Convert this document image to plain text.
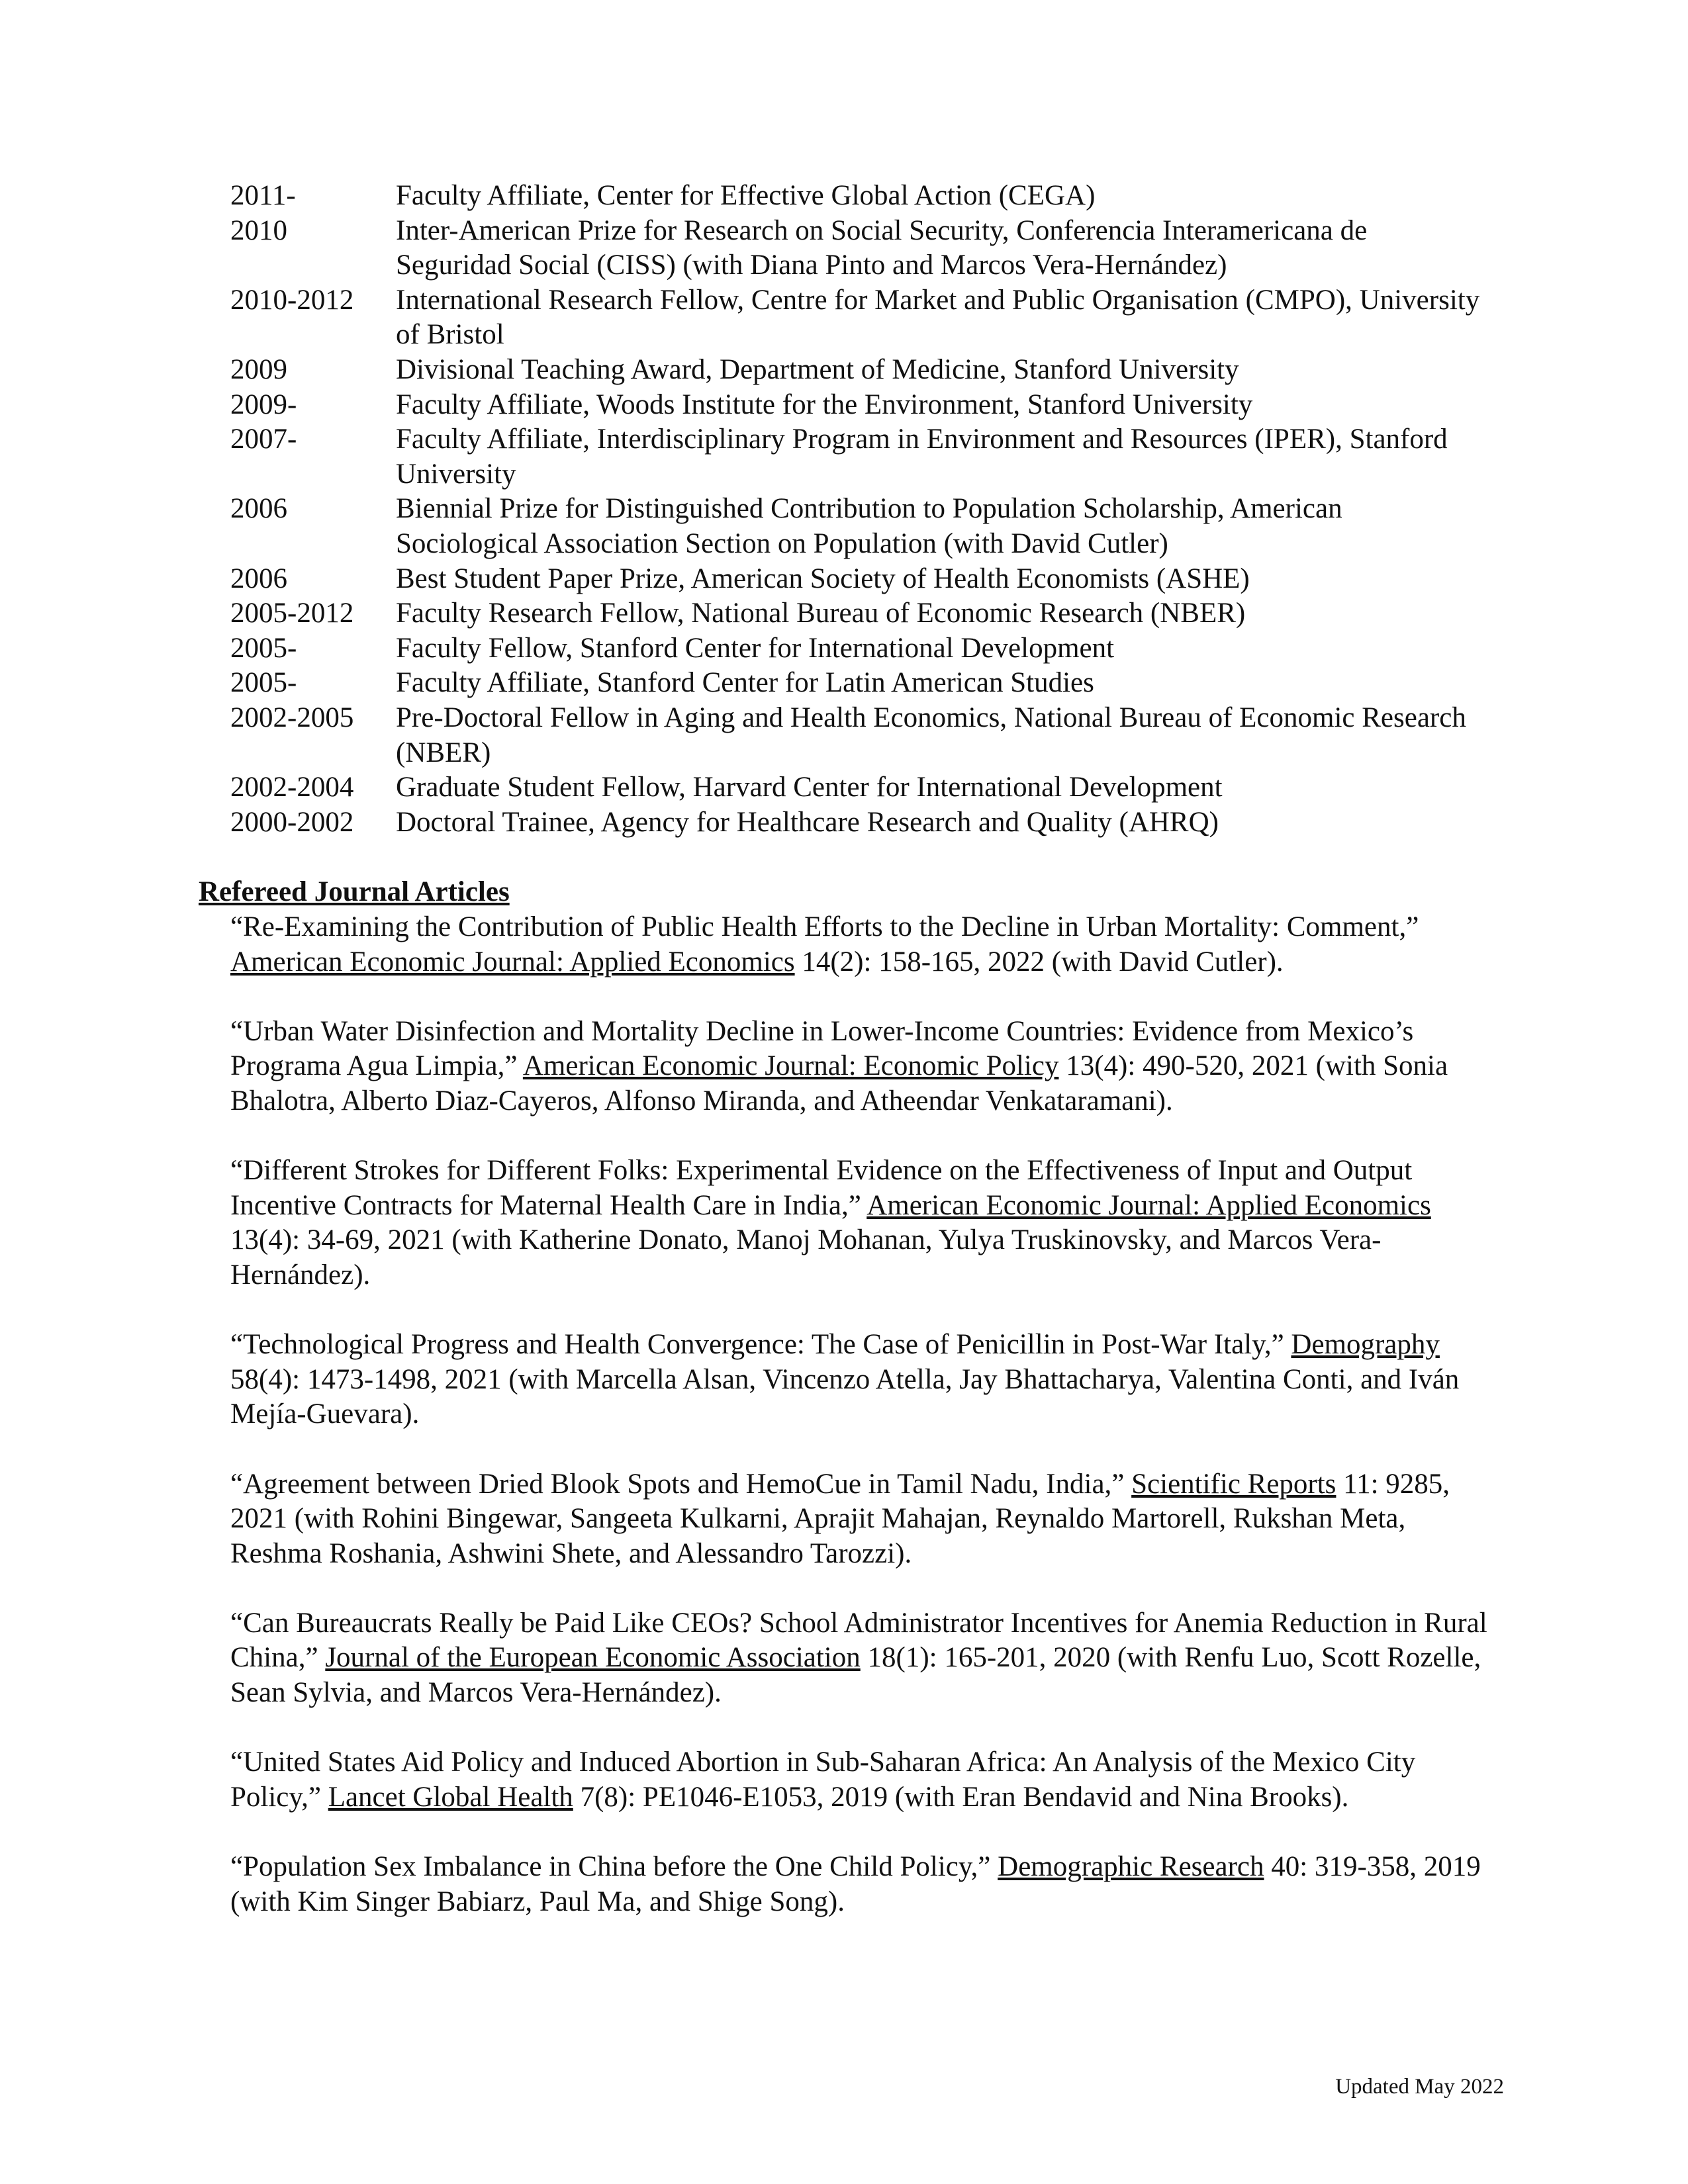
2011-	Faculty Affiliate, Center for Effective Global Action (CEGA)
2010	Inter-American Prize for Research on Social Security, Conferencia Interamericana de Seguridad Social (CISS) (with Diana Pinto and Marcos Vera-Hernández)
2010-2012	International Research Fellow, Centre for Market and Public Organisation (CMPO), University of Bristol
2009	Divisional Teaching Award, Department of Medicine, Stanford University
2009-	Faculty Affiliate, Woods Institute for the Environment, Stanford University
2007-	Faculty Affiliate, Interdisciplinary Program in Environment and Resources (IPER), Stanford University
2006	Biennial Prize for Distinguished Contribution to Population Scholarship, American Sociological Association Section on Population (with David Cutler)
2006	Best Student Paper Prize, American Society of Health Economists (ASHE)
2005-2012	Faculty Research Fellow, National Bureau of Economic Research (NBER)
2005-	Faculty Fellow, Stanford Center for International Development
2005-	Faculty Affiliate, Stanford Center for Latin American Studies
2002-2005	Pre-Doctoral Fellow in Aging and Health Economics, National Bureau of Economic Research (NBER)
2002-2004	Graduate Student Fellow, Harvard Center for International Development
2000-2002	Doctoral Trainee, Agency for Healthcare Research and Quality (AHRQ)
Refereed Journal Articles

“Re-Examining the Contribution of Public Health Efforts to the Decline in Urban Mortality: Comment,” American Economic Journal: Applied Economics 14(2): 158-165, 2022 (with David Cutler).

“Urban Water Disinfection and Mortality Decline in Lower-Income Countries: Evidence from Mexico’s Programa Agua Limpia,” American Economic Journal: Economic Policy 13(4): 490-520, 2021 (with Sonia Bhalotra, Alberto Diaz-Cayeros, Alfonso Miranda, and Atheendar Venkataramani).

“Different Strokes for Different Folks: Experimental Evidence on the Effectiveness of Input and Output Incentive Contracts for Maternal Health Care in India,” American Economic Journal: Applied Economics 13(4): 34-69, 2021 (with Katherine Donato, Manoj Mohanan, Yulya Truskinovsky, and Marcos Vera-Hernández).

“Technological Progress and Health Convergence: The Case of Penicillin in Post-War Italy,” Demography 58(4): 1473-1498, 2021 (with Marcella Alsan, Vincenzo Atella, Jay Bhattacharya, Valentina Conti, and Iván Mejía-Guevara).

“Agreement between Dried Blook Spots and HemoCue in Tamil Nadu, India,” Scientific Reports 11: 9285, 2021 (with Rohini Bingewar, Sangeeta Kulkarni, Aprajit Mahajan, Reynaldo Martorell, Rukshan Meta, Reshma Roshania, Ashwini Shete, and Alessandro Tarozzi).

“Can Bureaucrats Really be Paid Like CEOs? School Administrator Incentives for Anemia Reduction in Rural China,” Journal of the European Economic Association 18(1): 165-201, 2020 (with Renfu Luo, Scott Rozelle, Sean Sylvia, and Marcos Vera-Hernández).

“United States Aid Policy and Induced Abortion in Sub-Saharan Africa: An Analysis of the Mexico City Policy,” Lancet Global Health 7(8): PE1046-E1053, 2019 (with Eran Bendavid and Nina Brooks).

“Population Sex Imbalance in China before the One Child Policy,” Demographic Research 40: 319-358, 2019 (with Kim Singer Babiarz, Paul Ma, and Shige Song).

Updated May 2022
